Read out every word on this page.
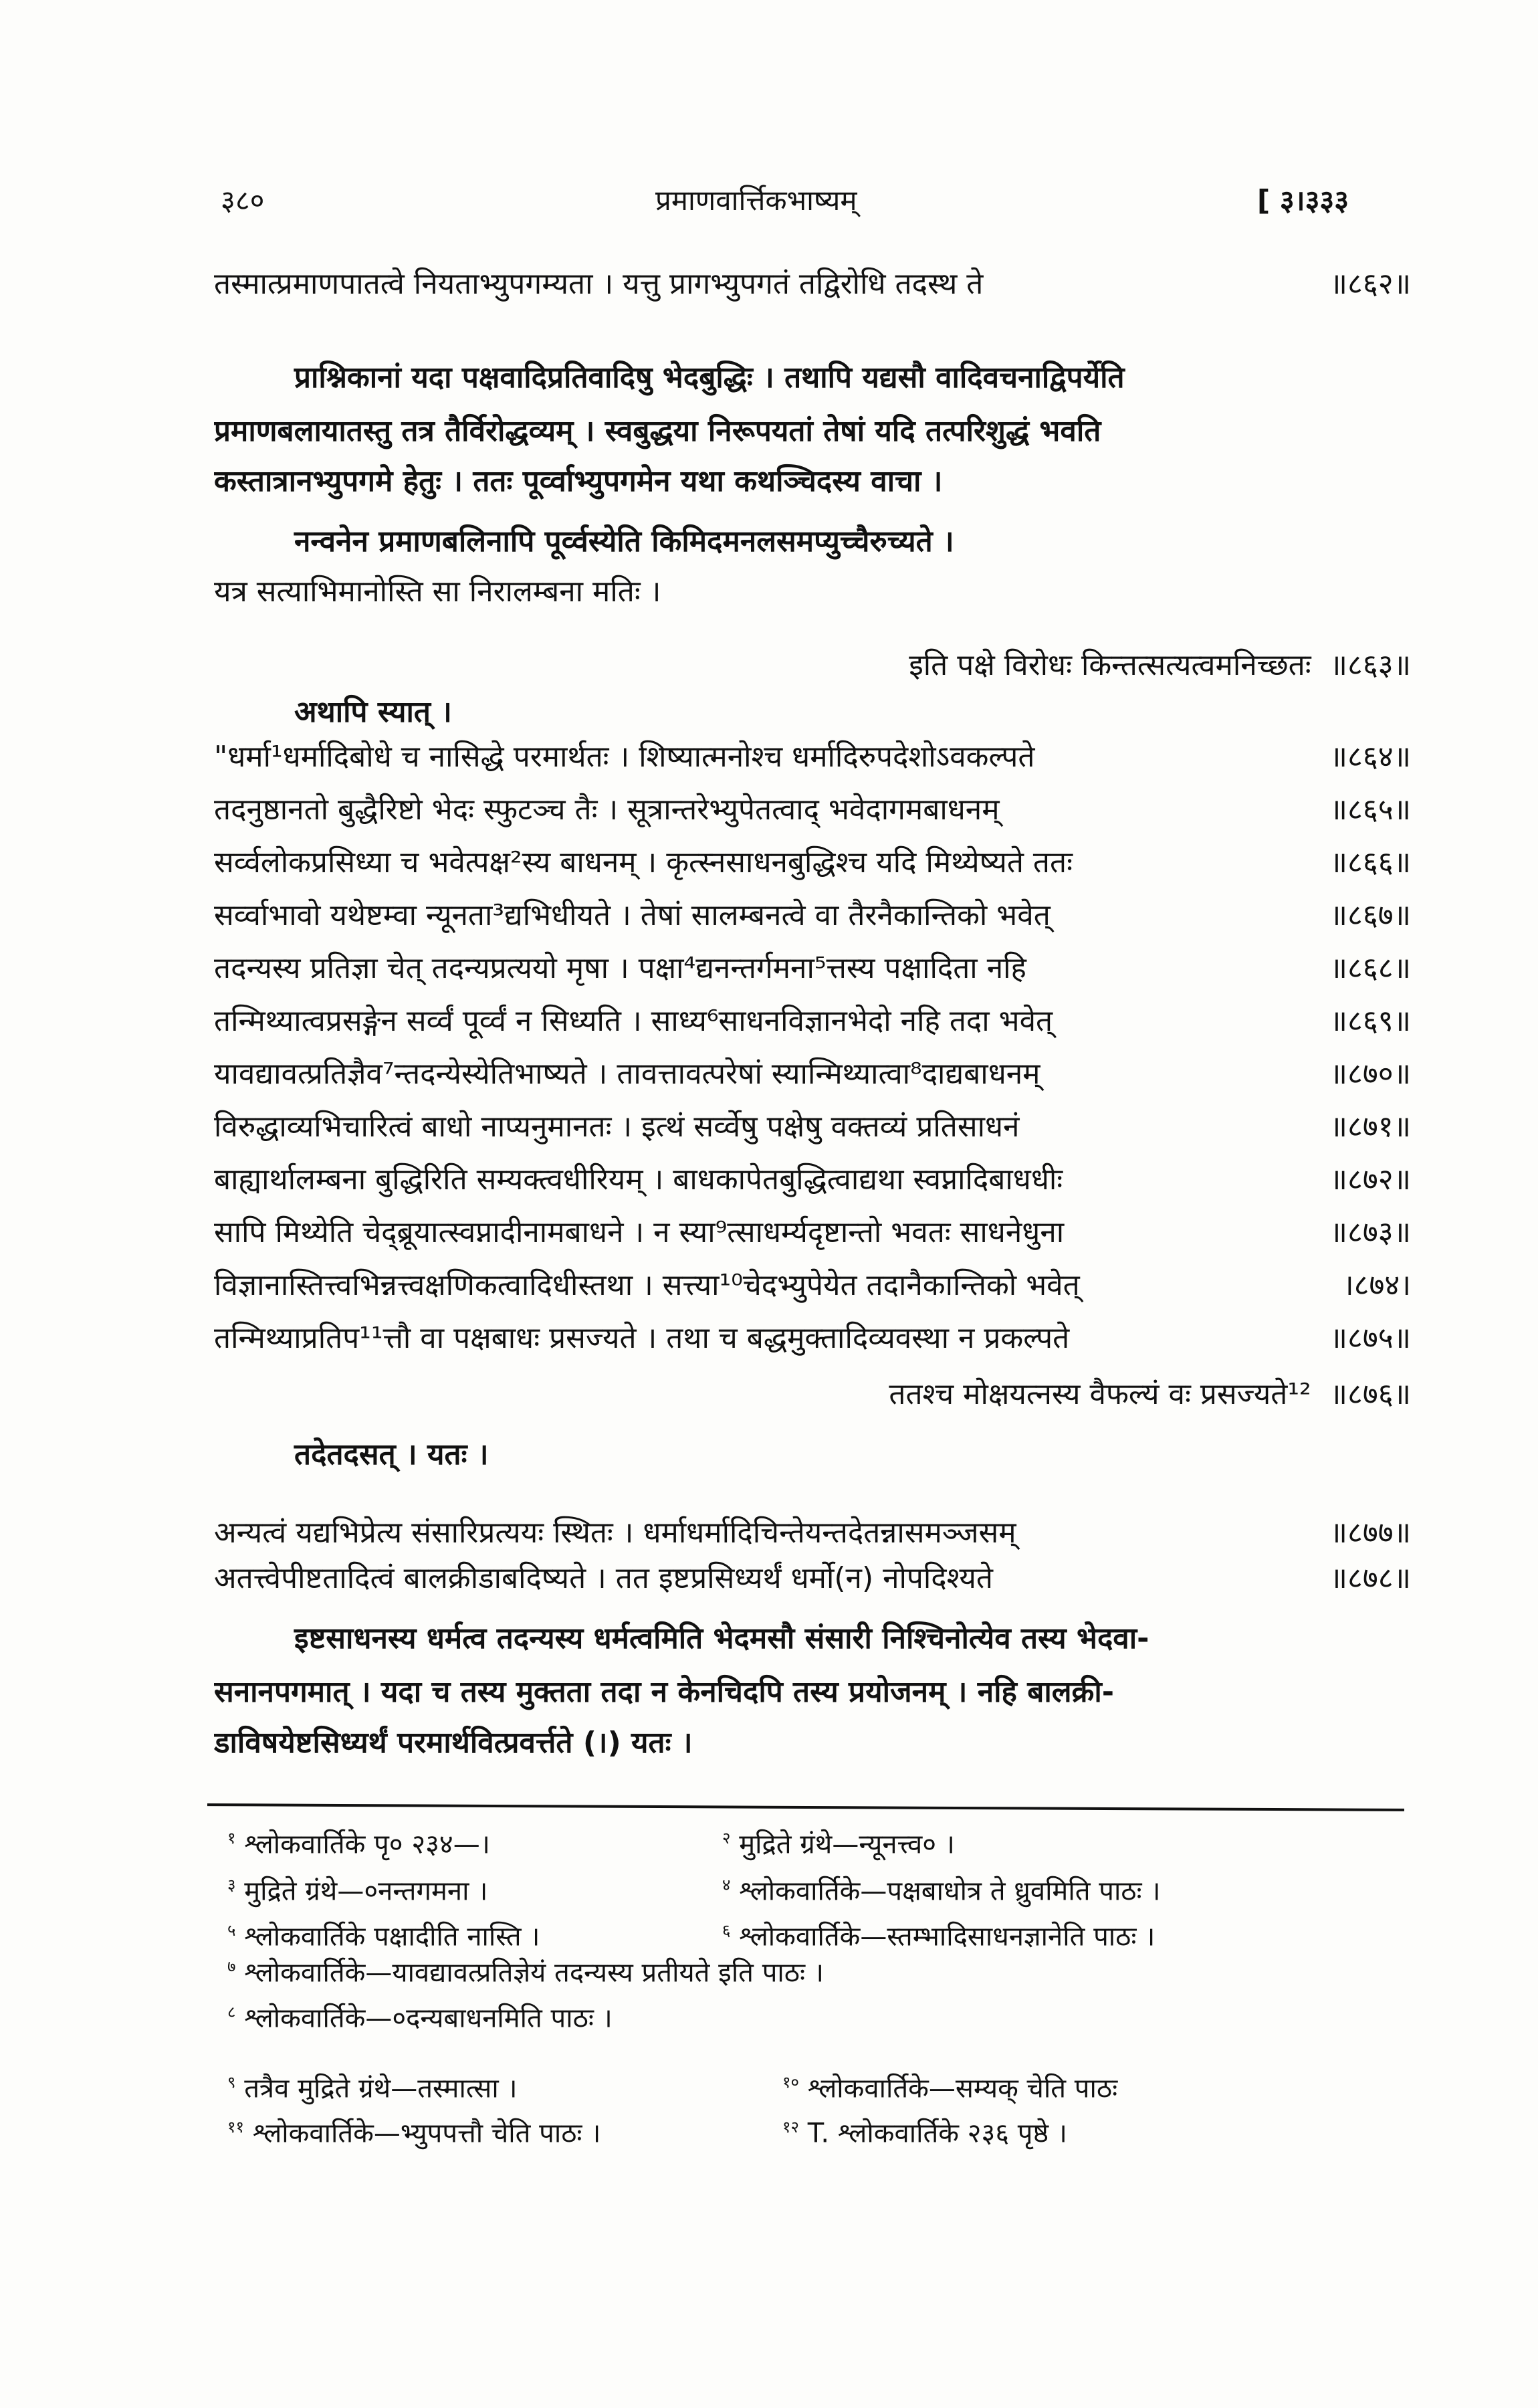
३८०	प्रमाणवार्त्तिकभाष्यम्	[ ३।३३३
तस्मात्प्रमाणपातत्वे नियताभ्युपगम्यता । यत्तु प्रागभ्युपगतं तद्विरोधि तदस्थ ते	॥८६२॥
प्राश्निकानां यदा पक्षवादिप्रतिवादिषु भेदबुद्धिः । तथापि यद्यसौ वादिवचनाद्विपर्येति
प्रमाणबलायातस्तु तत्र तैर्विरोद्धव्यम् । स्वबुद्धया निरूपयतां तेषां यदि तत्परिशुद्धं भवति
कस्तात्रानभ्युपगमे हेतुः । ततः पूर्व्वाभ्युपगमेन यथा कथञ्चिदस्य वाचा ।
नन्वनेन प्रमाणबलिनापि पूर्व्वस्येति किमिदमनलसमप्युच्चैरुच्यते ।
यत्र सत्याभिमानोस्ति सा निरालम्बना मतिः ।
इति पक्षे विरोधः किन्तत्सत्यत्वमनिच्छतः ॥८६३॥
अथापि स्यात् ।
"धर्मा¹धर्मादिबोधे च नासिद्धे परमार्थतः । शिष्यात्मनोश्च धर्मादिरुपदेशोऽवकल्पते	॥८६४॥
तदनुष्ठानतो बुद्धैरिष्टो भेदः स्फुटञ्च तैः । सूत्रान्तरेभ्युपेतत्वाद् भवेदागमबाधनम्	॥८६५॥
सर्व्वलोकप्रसिध्या च भवेत्पक्ष²स्य बाधनम् । कृत्स्नसाधनबुद्धिश्च यदि मिथ्येष्यते ततः	॥८६६॥
सर्व्वाभावो यथेष्टम्वा न्यूनता³द्यभिधीयते । तेषां सालम्बनत्वे वा तैरनैकान्तिको भवेत्	॥८६७॥
तदन्यस्य प्रतिज्ञा चेत् तदन्यप्रत्ययो मृषा । पक्षा⁴द्यनन्तर्गमना⁵त्तस्य पक्षादिता नहि	॥८६८॥
तन्मिथ्यात्वप्रसङ्गेन सर्व्वं पूर्व्वं न सिध्यति । साध्य⁶साधनविज्ञानभेदो नहि तदा भवेत्	॥८६९॥
यावद्यावत्प्रतिज्ञैव⁷न्तदन्येस्येतिभाष्यते । तावत्तावत्परेषां स्यान्मिथ्यात्वा⁸दाद्यबाधनम्	॥८७०॥
विरुद्धाव्यभिचारित्वं बाधो नाप्यनुमानतः । इत्थं सर्व्वेषु पक्षेषु वक्तव्यं प्रतिसाधनं	॥८७१॥
बाह्यार्थालम्बना बुद्धिरिति सम्यक्त्वधीरियम् । बाधकापेतबुद्धित्वाद्यथा स्वप्नादिबाधधीः	॥८७२॥
सापि मिथ्येति चेद्ब्रूयात्स्वप्नादीनामबाधने । न स्या⁹त्साधर्म्यदृष्टान्तो भवतः साधनेधुना	॥८७३॥
विज्ञानास्तित्त्वभिन्नत्त्वक्षणिकत्वादिधीस्तथा । सत्त्या¹⁰चेदभ्युपेयेत तदानैकान्तिको भवेत्	।८७४।
तन्मिथ्याप्रतिप¹¹त्तौ वा पक्षबाधः प्रसज्यते । तथा च बद्धमुक्तादिव्यवस्था न प्रकल्पते	॥८७५॥
ततश्च मोक्षयत्नस्य वैफल्यं वः प्रसज्यते¹² ॥८७६॥
तदेतदसत् । यतः ।
अन्यत्वं यद्यभिप्रेत्य संसारिप्रत्ययः स्थितः । धर्माधर्मादिचिन्तेयन्तदेतन्नासमञ्जसम्	॥८७७॥
अतत्त्वेपीष्टतादित्वं बालक्रीडाबदिष्यते । तत इष्टप्रसिध्यर्थं धर्मो(न) नोपदिश्यते	॥८७८॥
इष्टसाधनस्य धर्मत्व तदन्यस्य धर्मत्वमिति भेदमसौ संसारी निश्चिनोत्येव तस्य भेदवा-
सनानपगमात् । यदा च तस्य मुक्तता तदा न केनचिदपि तस्य प्रयोजनम् । नहि बालक्री-
डाविषयेष्टसिध्यर्थं परमार्थवित्प्रवर्त्तते (।) यतः ।
$^१$ श्लोकवार्तिके पृ० २३४—।	$^२$ मुद्रिते ग्रंथे—न्यूनत्त्व० ।
$^३$ मुद्रिते ग्रंथे—०नन्तगमना ।	$^४$ श्लोकवार्तिके—पक्षबाधोत्र ते ध्रुवमिति पाठः ।
$^५$ श्लोकवार्तिके पक्षादीति नास्ति ।	$^६$ श्लोकवार्तिके—स्तम्भादिसाधनज्ञानेति पाठः ।
$^७$ श्लोकवार्तिके—यावद्यावत्प्रतिज्ञेयं तदन्यस्य प्रतीयते इति पाठः ।
$^८$ श्लोकवार्तिके—०दन्यबाधनमिति पाठः ।
$^९$ तत्रैव मुद्रिते ग्रंथे—तस्मात्सा ।	$^{१०}$ श्लोकवार्तिके—सम्यक् चेति पाठः
$^{११}$ श्लोकवार्तिके—भ्युपपत्तौ चेति पाठः ।	$^{१२}$ T. श्लोकवार्तिके २३६ पृष्ठे ।
